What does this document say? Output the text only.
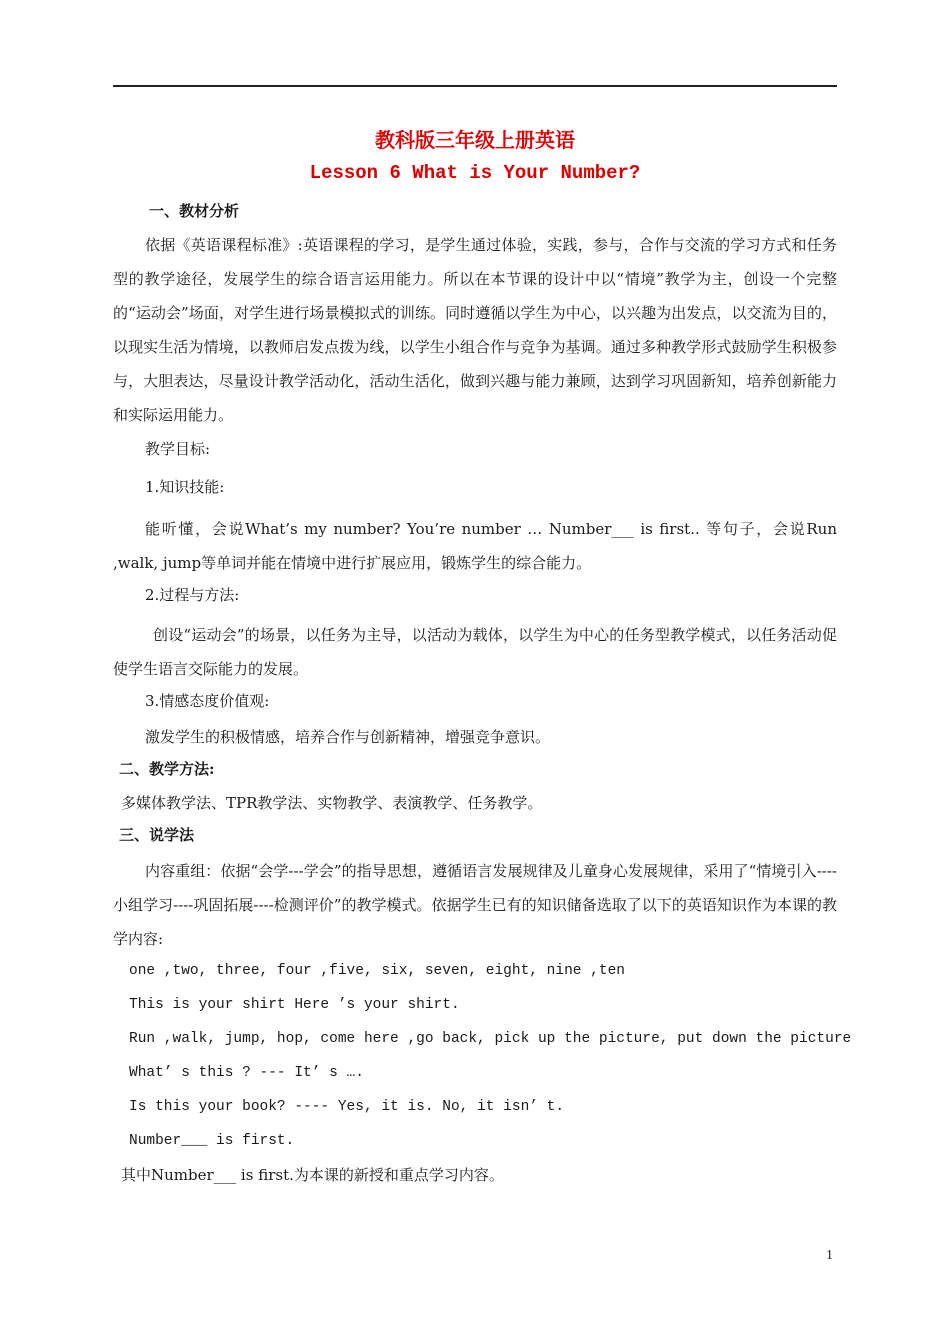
教科版三年级上册英语
Lesson 6 What is Your Number?
一、教材分析
依据《英语课程标准》:英语课程的学习，是学生通过体验，实践，参与，合作与交流的学习方式和任务型的教学途径，发展学生的综合语言运用能力。所以在本节课的设计中以“情境”教学为主，创设一个完整的“运动会”场面，对学生进行场景模拟式的训练。同时遵循以学生为中心，以兴趣为出发点，以交流为目的，以现实生活为情境，以教师启发点拨为线，以学生小组合作与竞争为基调。通过多种教学形式鼓励学生积极参与，大胆表达，尽量设计教学活动化，活动生活化，做到兴趣与能力兼顾，达到学习巩固新知，培养创新能力和实际运用能力。
教学目标:
1.知识技能:
能听懂，会说What’s my number? You’re number … Number___ is first.. 等句子，会说Run ,walk, jump等单词并能在情境中进行扩展应用，锻炼学生的综合能力。
2.过程与方法:
创设“运动会”的场景，以任务为主导，以活动为载体，以学生为中心的任务型教学模式，以任务活动促使学生语言交际能力的发展。
3.情感态度价值观:
激发学生的积极情感，培养合作与创新精神，增强竞争意识。
二、教学方法:
多媒体教学法、TPR教学法、实物教学、表演教学、任务教学。
三、说学法
内容重组：依据“会学---学会”的指导思想，遵循语言发展规律及儿童身心发展规律，采用了“情境引入----小组学习----巩固拓展----检测评价”的教学模式。依据学生已有的知识储备选取了以下的英语知识作为本课的教学内容:
one ,two, three, four ,five, six, seven, eight, nine ,ten
This is your shirt Here ’s your shirt.
Run ,walk, jump, hop, come here ,go back, pick up the picture, put down the picture
What’ s this ? --- It’ s ….
Is this your book? ---- Yes, it is. No, it isn’ t.
Number___ is first.
其中Number___ is first.为本课的新授和重点学习内容。
1
